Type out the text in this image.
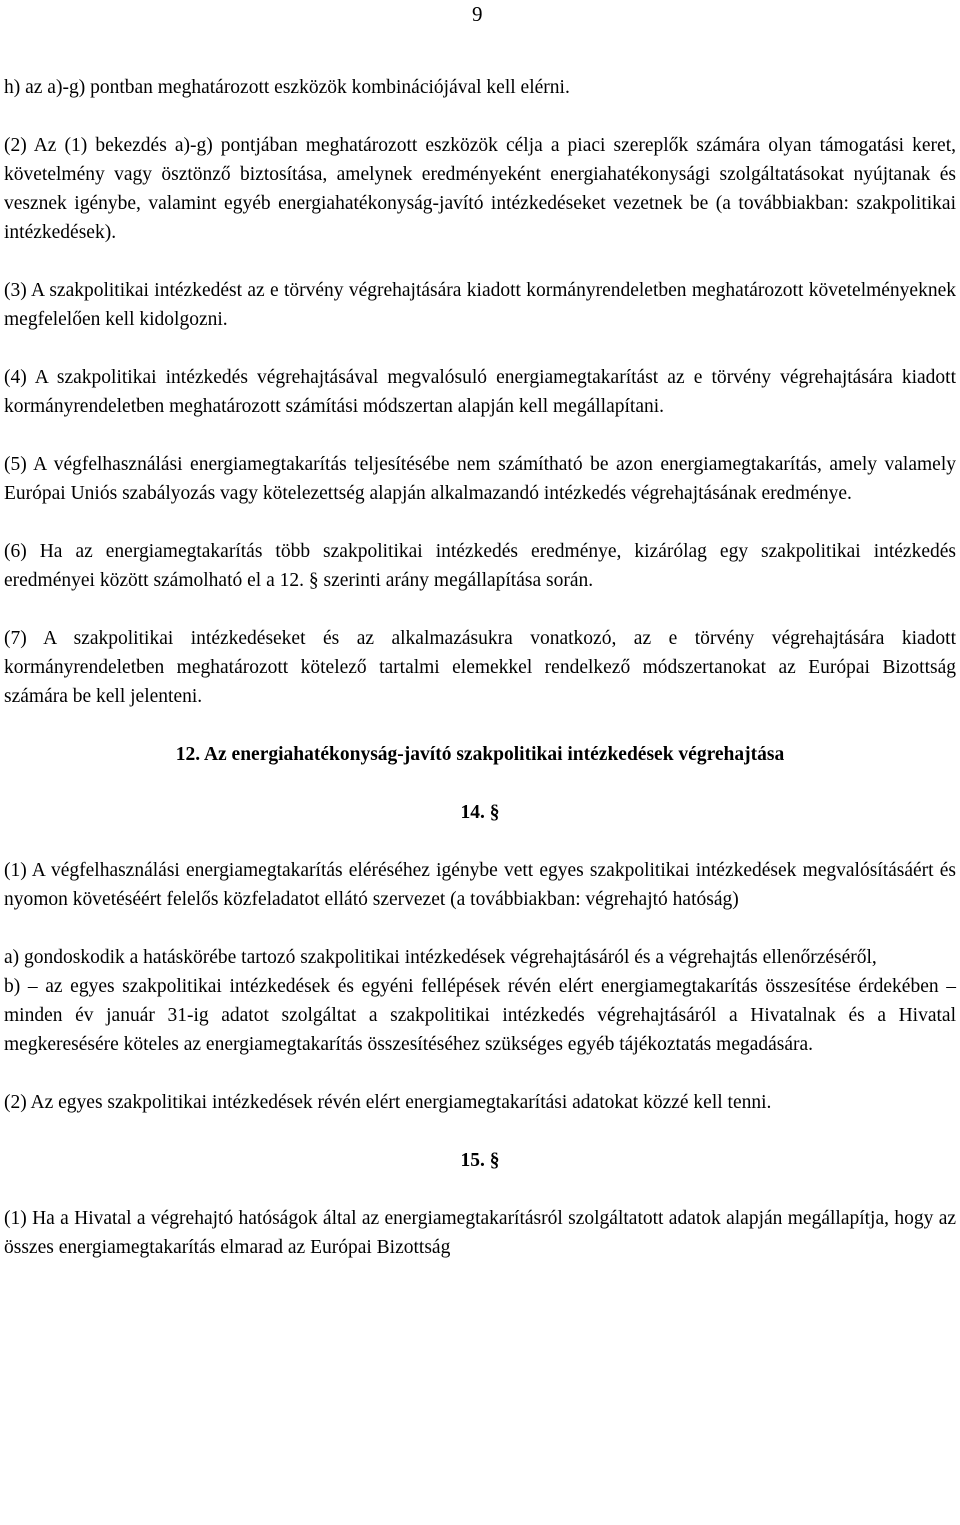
9

h) az a)-g) pontban meghatározott eszközök kombinációjával kell elérni.

(2) Az (1) bekezdés a)-g) pontjában meghatározott eszközök célja a piaci szereplők számára olyan támogatási keret, követelmény vagy ösztönző biztosítása, amelynek eredményeként energiahatékonysági szolgáltatásokat nyújtanak és vesznek igénybe, valamint egyéb energiahatékonyság-javító intézkedéseket vezetnek be (a továbbiakban: szakpolitikai intézkedések).

(3) A szakpolitikai intézkedést az e törvény végrehajtására kiadott kormányrendeletben meghatározott követelményeknek megfelelően kell kidolgozni.

(4) A szakpolitikai intézkedés végrehajtásával megvalósuló energiamegtakarítást az e törvény végrehajtására kiadott kormányrendeletben meghatározott számítási módszertan alapján kell megállapítani.

(5) A végfelhasználási energiamegtakarítás teljesítésébe nem számítható be azon energiamegtakarítás, amely valamely Európai Uniós szabályozás vagy kötelezettség alapján alkalmazandó intézkedés végrehajtásának eredménye.

(6) Ha az energiamegtakarítás több szakpolitikai intézkedés eredménye, kizárólag egy szakpolitikai intézkedés eredményei között számolható el a 12. § szerinti arány megállapítása során.

(7) A szakpolitikai intézkedéseket és az alkalmazásukra vonatkozó, az e törvény végrehajtására kiadott kormányrendeletben meghatározott kötelező tartalmi elemekkel rendelkező módszertanokat az Európai Bizottság számára be kell jelenteni.

12. Az energiahatékonyság-javító szakpolitikai intézkedések végrehajtása
14. §

(1) A végfelhasználási energiamegtakarítás eléréséhez igénybe vett egyes szakpolitikai intézkedések megvalósításáért és nyomon követéséért felelős közfeladatot ellátó szervezet (a továbbiakban: végrehajtó hatóság)

a) gondoskodik a hatáskörébe tartozó szakpolitikai intézkedések végrehajtásáról és a végrehajtás ellenőrzéséről,

b) – az egyes szakpolitikai intézkedések és egyéni fellépések révén elért energiamegtakarítás összesítése érdekében – minden év január 31-ig adatot szolgáltat a szakpolitikai intézkedés végrehajtásáról a Hivatalnak és a Hivatal megkeresésére köteles az energiamegtakarítás összesítéséhez szükséges egyéb tájékoztatás megadására.

(2) Az egyes szakpolitikai intézkedések révén elért energiamegtakarítási adatokat közzé kell tenni.

15. §

(1) Ha a Hivatal a végrehajtó hatóságok által az energiamegtakarításról szolgáltatott adatok alapján megállapítja, hogy az összes energiamegtakarítás elmarad az Európai Bizottság
